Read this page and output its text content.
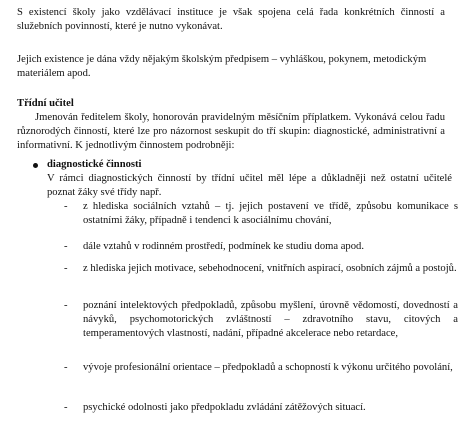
S existencí školy jako vzdělávací instituce je však spojena celá řada konkrétních činností a služebních povinností, které je nutno vykonávat.

Jejich existence je dána vždy nějakým školským předpisem – vyhláškou, pokynem, metodickým materiálem apod.

Třídní učitel

Jmenován ředitelem školy, honorován pravidelným měsíčním příplatkem. Vykonává celou řadu různorodých činností, které lze pro názornost seskupit do tří skupin: diagnostické, administrativní a informativní. K jednotlivým činnostem podrobněji:

diagnostické činnosti

V rámci diagnostických činností by třídní učitel měl lépe a důkladněji než ostatní učitelé poznat žáky své třídy např.

- z hlediska sociálních vztahů – tj. jejich postavení ve třídě, způsobu komunikace s ostatními žáky, případně i tendenci k asociálnímu chování,

- dále vztahů v rodinném prostředí, podmínek ke studiu doma apod.

- z hlediska jejich motivace, sebehodnocení, vnitřních aspirací, osobních zájmů a postojů.

- poznání intelektových předpokladů, způsobu myšlení, úrovně vědomostí, dovedností a návyků, psychomotorických zvláštností – zdravotního stavu, citových a temperamentových vlastností, nadání, případné akcelerace nebo retardace,

- vývoje profesionální orientace – předpokladů a schopností k výkonu určitého povolání,

- psychické odolnosti jako předpokladu zvládání zátěžových situací.
